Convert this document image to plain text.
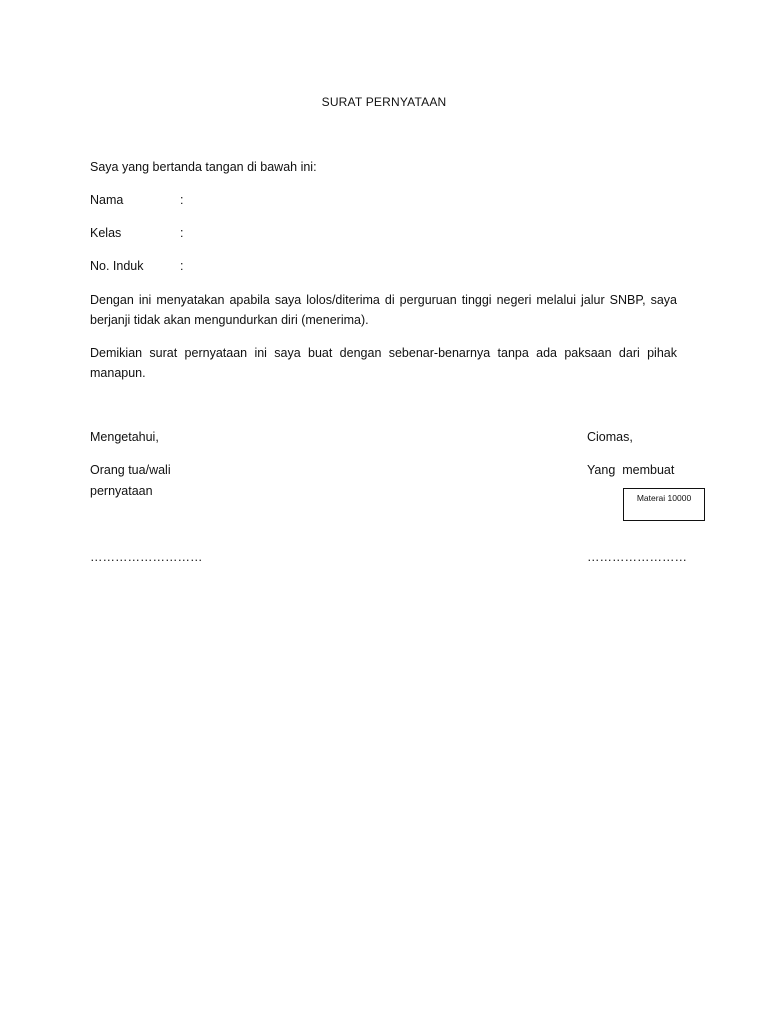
SURAT PERNYATAAN
Saya yang bertanda tangan di bawah ini:
Nama	:
Kelas	:
No. Induk	:
Dengan ini menyatakan apabila saya lolos/diterima di perguruan tinggi negeri melalui jalur SNBP, saya berjanji tidak akan mengundurkan diri (menerima).
Demikian surat pernyataan ini saya buat dengan sebenar-benarnya tanpa ada paksaan dari pihak manapun.
Mengetahui,
Orang tua/wali
pernyataan
………………………
Ciomas,
Yang  membuat
Materai 10000
……………………
